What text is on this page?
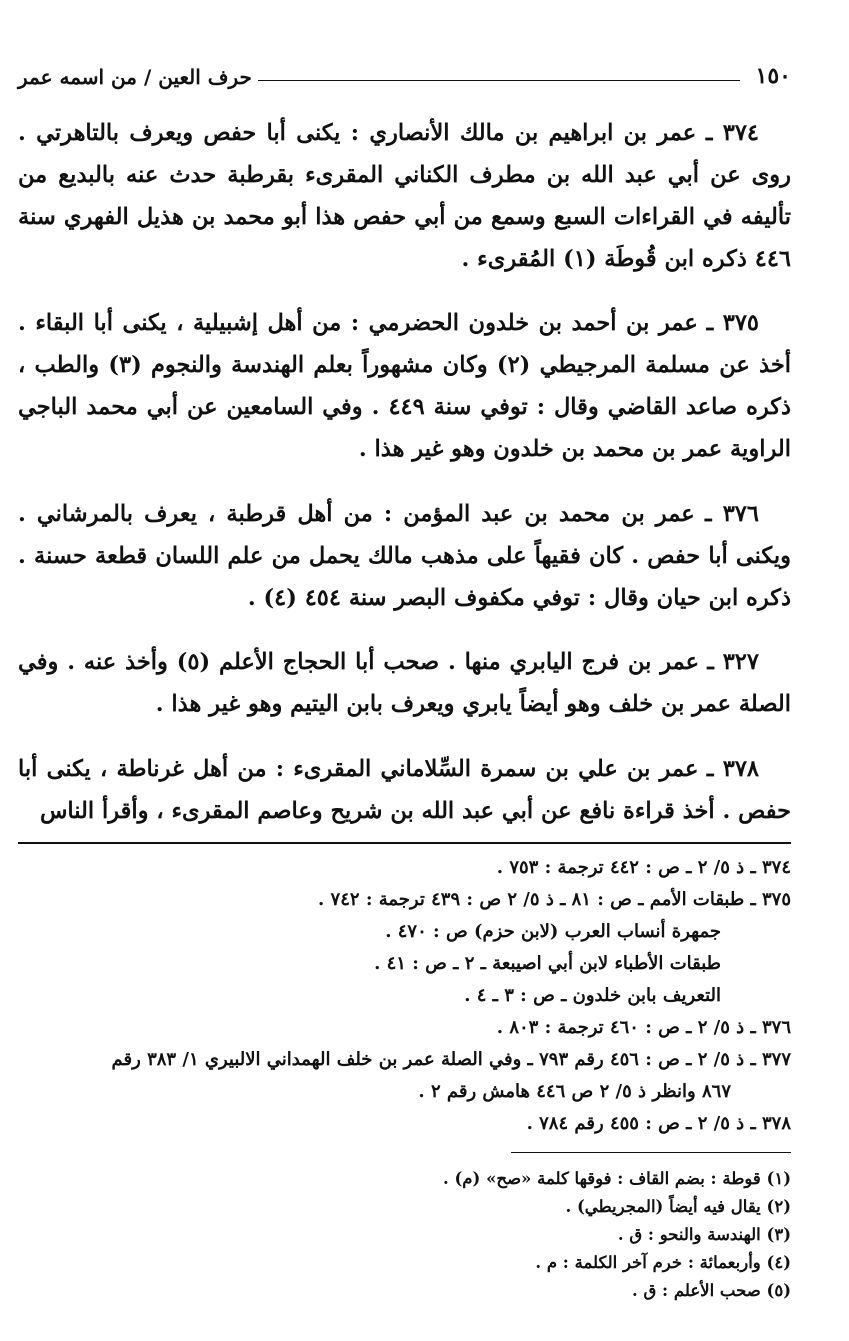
١٥٠
حرف العين / من اسمه عمر

٣٧٤ ـ عمر بن ابراهيم بن مالك الأنصاري : يكنى أبا حفص ويعرف بالتاهرتي . روى عن أبي عبد الله بن مطرف الكناني المقرىء بقرطبة حدث عنه بالبديع من تأليفه في القراءات السبع وسمع من أبي حفص هذا أبو محمد بن هذيل الفهري سنة ٤٤٦ ذكره ابن قُوطَة (١) المُقرىء .

٣٧٥ ـ عمر بن أحمد بن خلدون الحضرمي : من أهل إشبيلية ، يكنى أبا البقاء . أخذ عن مسلمة المرجيطي (٢) وكان مشهوراً بعلم الهندسة والنجوم (٣) والطب ، ذكره صاعد القاضي وقال : توفي سنة ٤٤٩ . وفي السامعين عن أبي محمد الباجي الراوية عمر بن محمد بن خلدون وهو غير هذا .

٣٧٦ ـ عمر بن محمد بن عبد المؤمن : من أهل قرطبة ، يعرف بالمرشاني . ويكنى أبا حفص . كان فقيهاً على مذهب مالك يحمل من علم اللسان قطعة حسنة . ذكره ابن حيان وقال : توفي مكفوف البصر سنة ٤٥٤ (٤) .

٣٢٧ ـ عمر بن فرج اليابري منها . صحب أبا الحجاج الأعلم (٥) وأخذ عنه . وفي الصلة عمر بن خلف وهو أيضاً يابري ويعرف بابن اليتيم وهو غير هذا .

٣٧٨ ـ عمر بن علي بن سمرة السِّلاماني المقرىء : من أهل غرناطة ، يكنى أبا حفص . أخذ قراءة نافع عن أبي عبد الله بن شريح وعاصم المقرىء ، وأقرأ الناس

٣٧٤ ـ ذ ٥/ ٢ ـ ص : ٤٤٢ ترجمة : ٧٥٣ .
٣٧٥ ـ طبقات الأمم ـ ص : ٨١ ـ ذ ٥/ ٢ ص : ٤٣٩ ترجمة : ٧٤٢ .
جمهرة أنساب العرب (لابن حزم) ص : ٤٧٠ .
طبقات الأطباء لابن أبي اصيبعة ـ ٢ ـ ص : ٤١ .
التعريف بابن خلدون ـ ص : ٣ ـ ٤ .
٣٧٦ ـ ذ ٥/ ٢ ـ ص : ٤٦٠ ترجمة : ٨٠٣ .
٣٧٧ ـ ذ ٥/ ٢ ـ ص : ٤٥٦ رقم ٧٩٣ ـ وفي الصلة عمر بن خلف الهمداني الالبيري ١/ ٣٨٣ رقم
٨٦٧ وانظر ذ ٥/ ٢ ص ٤٤٦ هامش رقم ٢ .
٣٧٨ ـ ذ ٥/ ٢ ـ ص : ٤٥٥ رقم ٧٨٤ .
(١) قوطة : بضم القاف : فوقها كلمة «صح» (م) .
(٢) يقال فيه أيضاً (المجريطي) .
(٣) الهندسة والنحو : ق .
(٤) وأربعمائة : خرم آخر الكلمة : م .
(٥) صحب الأعلم : ق .
